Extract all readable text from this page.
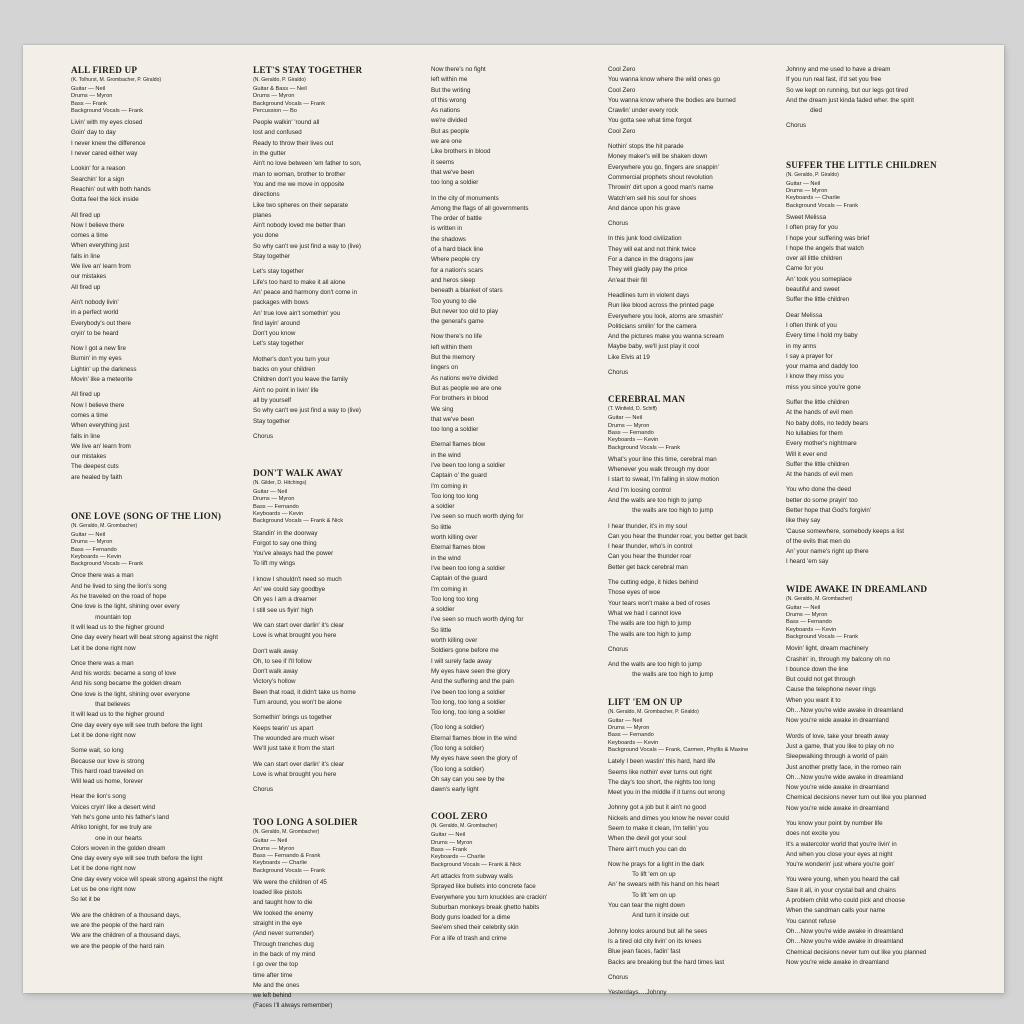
ALL FIRED UP
(K. Tolhurst, M. Grombacher, P. Giraldo)
Guitar — Neil
Drums — Myron
Bass — Frank
Background Vocals — Frank
Livin' with my eyes closed
Goin' day to day
I never knew the difference
I never cared either way
Lookin' for a reason
Searchin' for a sign
Reachin' out with both hands
Gotta feel the kick inside
All fired up
Now I believe there
comes a time
When everything just
falls in line
We live an' learn from
our mistakes
All fired up
Ain't nobody livin'
in a perfect world
Everybody's out there
cryin' to be heard
Now I got a new fire
Burnin' in my eyes
Lightin' up the darkness
Movin' like a meteorite
All fired up
Now I believe there
comes a time
When everything just
falls in line
We live an' learn from
our mistakes
The deepest cuts
are healed by faith
ONE LOVE (SONG OF THE LION)
(N. Geraldo, M. Grombacher)
Guitar — Neil
Drums — Myron
Bass — Fernando
Keyboards — Kevin
Background Vocals — Frank
Once there was a man
And he lived to sing the lion's song
As he traveled on the road of hope
One love is the light, shining over every
mountain top
It will lead us to the higher ground
One day every heart will beat strong against the night
Let it be done right now
Once there was a man
And his words: became a song of love
And his song became the golden dream
One love is the light, shining over everyone
that believes
It will lead us to the higher ground
One day every eye will see truth before the light
Let it be done right now
Some wait, so long
Because our love is strong
This hard road traveled on
Will lead us home, forever
Hear the lion's song
Voices cryin' like a desert wind
Yeh he's gone unto his father's land
Afriko tonight, for we truly are
one in our hearts
Colors woven in the golden dream
One day every eye will see truth before the light
Let it be done right now
One day every voice will speak strong against the night
Let us be one right now
So let it be
We are the children of a thousand days,
we are the people of the hard rain
We are the children of a thousand days,
we are the people of the hard rain
LET'S STAY TOGETHER
(N. Geraldo, P. Giraldo)
Guitar & Bass — Neil
Drums — Myron
Background Vocals — Frank
Percussion — Bo
People walkin' 'round all
lost and confused
Ready to throw their lives out
in the gutter
Ain't no love between 'em father to son,
man to woman, brother to brother
You and me we move in opposite
directions
Like two spheres on their separate
planes
Ain't nobody loved me better than
you done
So why can't we just find a way to (live)
Stay together
Let's stay together
Life's too hard to make it all alone
An' peace and harmony don't come in
packages with bows
An' true love ain't somethin' you
find layin' around
Don't you know
Let's stay together
Mother's don't you turn your
backs on your children
Children don't you leave the family
Ain't no point in livin' life
all by yourself
So why can't we just find a way to (live)
Stay together
Chorus
DON'T WALK AWAY
(N. Gilder, D. Hitchings)
Guitar — Neil
Drums — Myron
Bass — Fernando
Keyboards — Kevin
Background Vocals — Frank & Nick
Standin' in the doorway
Forgot to say one thing
You've always had the power
To lift my wings
I know I shouldn't need so much
An' we could say goodbye
Oh yes I am a dreamer
I still see us flyin' high
We can start over darlin' it's clear
Love is what brought you here
Don't walk away
Oh, to see if I'll follow
Don't walk away
Victory's hollow
Been that road, it didn't take us home
Turn around, you won't be alone
Somethin' brings us together
Keeps tearin' us apart
The wounded are much wiser
We'll just take it from the start
We can start over darlin' it's clear
Love is what brought you here
Chorus
TOO LONG A SOLDIER
(N. Geraldo, M. Grombacher)
Guitar — Neil
Drums — Myron
Bass — Fernando & Frank
Keyboards — Charlie
Background Vocals — Frank
We were the children of 45
loaded like pistols
and taught how to die
We looked the enemy
straight in the eye
(And never surrender)
Through trenches dug
in the back of my mind
I go over the top
time after time
Me and the ones
we left behind
(Faces I'll always remember)
Now there's no fight
left within me
But the writing
of this wrong
As nations
we're divided
But as people
we are one
Like brothers in blood
it seems
that we've been
too long a soldier
In the city of monuments
Among the flags of all governments
The order of battle
is written in
the shadows
of a hard black line
Where people cry
for a nation's scars
and heros sleep
beneath a blanket of stars
Too young to die
But never too old to play
the general's game
Now there's no life
left within them
But the memory
lingers on
As nations we're divided
But as people we are one
For brothers in blood
We sing
that we've been
too long a soldier
Eternal flames blow
in the wind
I've been too long a soldier
Captain o' the guard
I'm coming in
Too long too long
a soldier
I've seen so much worth dying for
So little
worth killing over
Eternal flames blow
in the wind
I've been too long a soldier
Captain of the guard
I'm coming in
Too long too long
a soldier
I've seen so much worth dying for
So little
worth killing over
Soldiers gone before me
I will surely fade away
My eyes have seen the glory
And the suffering and the pain
I've been too long a soldier
Too long, too long a soldier
Too long, too long a soldier
(Too long a soldier)
Eternal flames blow in the wind
(Too long a soldier)
My eyes have seen the glory of
(Too long a soldier)
Oh say can you see by the
dawn's early light
COOL ZERO
(N. Geraldo, M. Grombacher)
Guitar — Neil
Drums — Myron
Bass — Frank
Keyboards — Charlie
Background Vocals — Frank & Nick
Art attacks from subway walls
Sprayed like bullets into concrete face
Everywhere you turn knuckles are crackin'
Suburban monkeys break ghetto habits
Body guns loaded for a dime
See'em shed their celebrity skin
For a life of trash and crime
Cool Zero
You wanna know where the wild ones go
Cool Zero
You wanna know where the bodies are burned
Crawlin' under every rock
You gotta see what time forgot
Cool Zero
Nothin' stops the hit parade
Money maker's will be shaken down
Everywhere you go, fingers are snappin'
Commercial prophets shout revolution
Throwin' dirt upon a good man's name
Watch'em sell his soul for shoes
And dance upon his grave
Chorus
In this junk food civilization
They will eat and not think twice
For a dance in the dragons jaw
They will gladly pay the price
An'eat their fill
Headlines turn in violent days
Run like blood across the printed page
Everywhere you look, atoms are smashin'
Politicians smilin' for the camera
And the pictures make you wanna scream
Maybe baby, we'll just play it cool
Like Elvis at 19
Chorus
CEREBRAL MAN
(T. Winfield, D. Schiff)
Guitar — Neil
Drums — Myron
Bass — Fernando
Keyboards — Kevin
Background Vocals — Frank
What's your line this time, cerebral man
Whenever you walk through my door
I start to sweat, I'm falling in slow motion
And I'm loosing control
And the walls are too high to jump
the walls are too high to jump
I hear thunder, it's in my soul
Can you hear the thunder roar, you better get back
I hear thunder, who's in control
Can you hear the thunder roar
Better get back cerebral man
The cutting edge, it hides behind
Those eyes of woe
Your tears won't make a bed of roses
What we had I cannot love
The walls are too high to jump
The walls are too high to jump
Chorus
And the walls are too high to jump
the walls are too high to jump
LIFT 'EM ON UP
(N. Geraldo, M. Grombacher, P. Giraldo)
Guitar — Neil
Drums — Myron
Bass — Fernando
Keyboards — Kevin
Background Vocals — Frank, Carmen, Phyllis & Maxine
Lately I been wastin' this hard, hard life
Seems like nothin' ever turns out right
The day's too short, the nights too long
Meet you in the middle if it turns out wrong
Johnny got a job but it ain't no good
Nickels and dimes you know he never could
Seem to make it clean, I'm tellin' you
When the devil got your soul
There ain't much you can do
Now he prays for a light in the dark
To lift 'em on up
An' he swears with his hand on his heart
To lift 'em on up
You can tear the night down
And turn it inside out
Johnny looks around but all he sees
Is a tired old city livin' on its knees
Blue jean faces, fadin' fast
Backs are breaking but the hard times last
Chorus
Yesterdays….Johnny
Johnny and me used to have a dream
If you run real fast, it'd set you free
So we kept on running, but our legs got tired
And the dream just kinda faded wher. the spirit
died
Chorus
SUFFER THE LITTLE CHILDREN
(N. Geraldo, P. Giraldo)
Guitar — Neil
Drums — Myron
Keyboards — Charlie
Background Vocals — Frank
Sweet Melissa
I often pray for you
I hope your suffering was brief
I hope the angels that watch
over all little children
Came for you
An' took you someplace
beautiful and sweet
Suffer the little children
Dear Melissa
I often think of you
Every time I hold my baby
in my arms
I say a prayer for
your mama and daddy too
I know they miss you
miss you since you're gone
Suffer the little children
At the hands of evil men
No baby dolls, no teddy bears
No lullabies for them
Every mother's nightmare
Will it ever end
Suffer the little children
At the hands of evil men
You who done the deed
better do some prayin' too
Better hope that God's forgivin'
like they say
'Cause somewhere, somebody keeps a list
of the evils that men do
An' your name's right up there
I heard 'em say
WIDE AWAKE IN DREAMLAND
(N. Geraldo, M. Grombacher)
Guitar — Neil
Drums — Myron
Bass — Fernando
Keyboards — Kevin
Background Vocals — Frank
Movin' light, dream machinery
Crashin' in, through my balcony oh no
I bounce down the line
But could not get through
Cause the telephone never rings
When you want it to
Oh…Now you're wide awake in dreamland
Now you're wide awake in dreamland
Words of love, take your breath away
Just a game, that you like to play oh no
Sleepwalking through a world of pain
Just another pretty face, in the romeo rain
Oh…Now you're wide awake in dreamland
Now you're wide awake in dreamland
Chemical decisions never turn out like you planned
Now you're wide awake in dreamland
You know your point by number life
does not excite you
It's a watercolor world that you're livin' in
And when you close your eyes at night
You're wonderin' just where you're goin'
You were young, when you heard the call
Saw it all, in your crystal ball and chains
A problem child who could pick and choose
When the sandman calls your name
You cannot refuse
Oh…Now you're wide awake in dreamland
Oh…Now you're wide awake in dreamland
Chemical decisions never turn out like you planned
Now you're wide awake in dreamland
